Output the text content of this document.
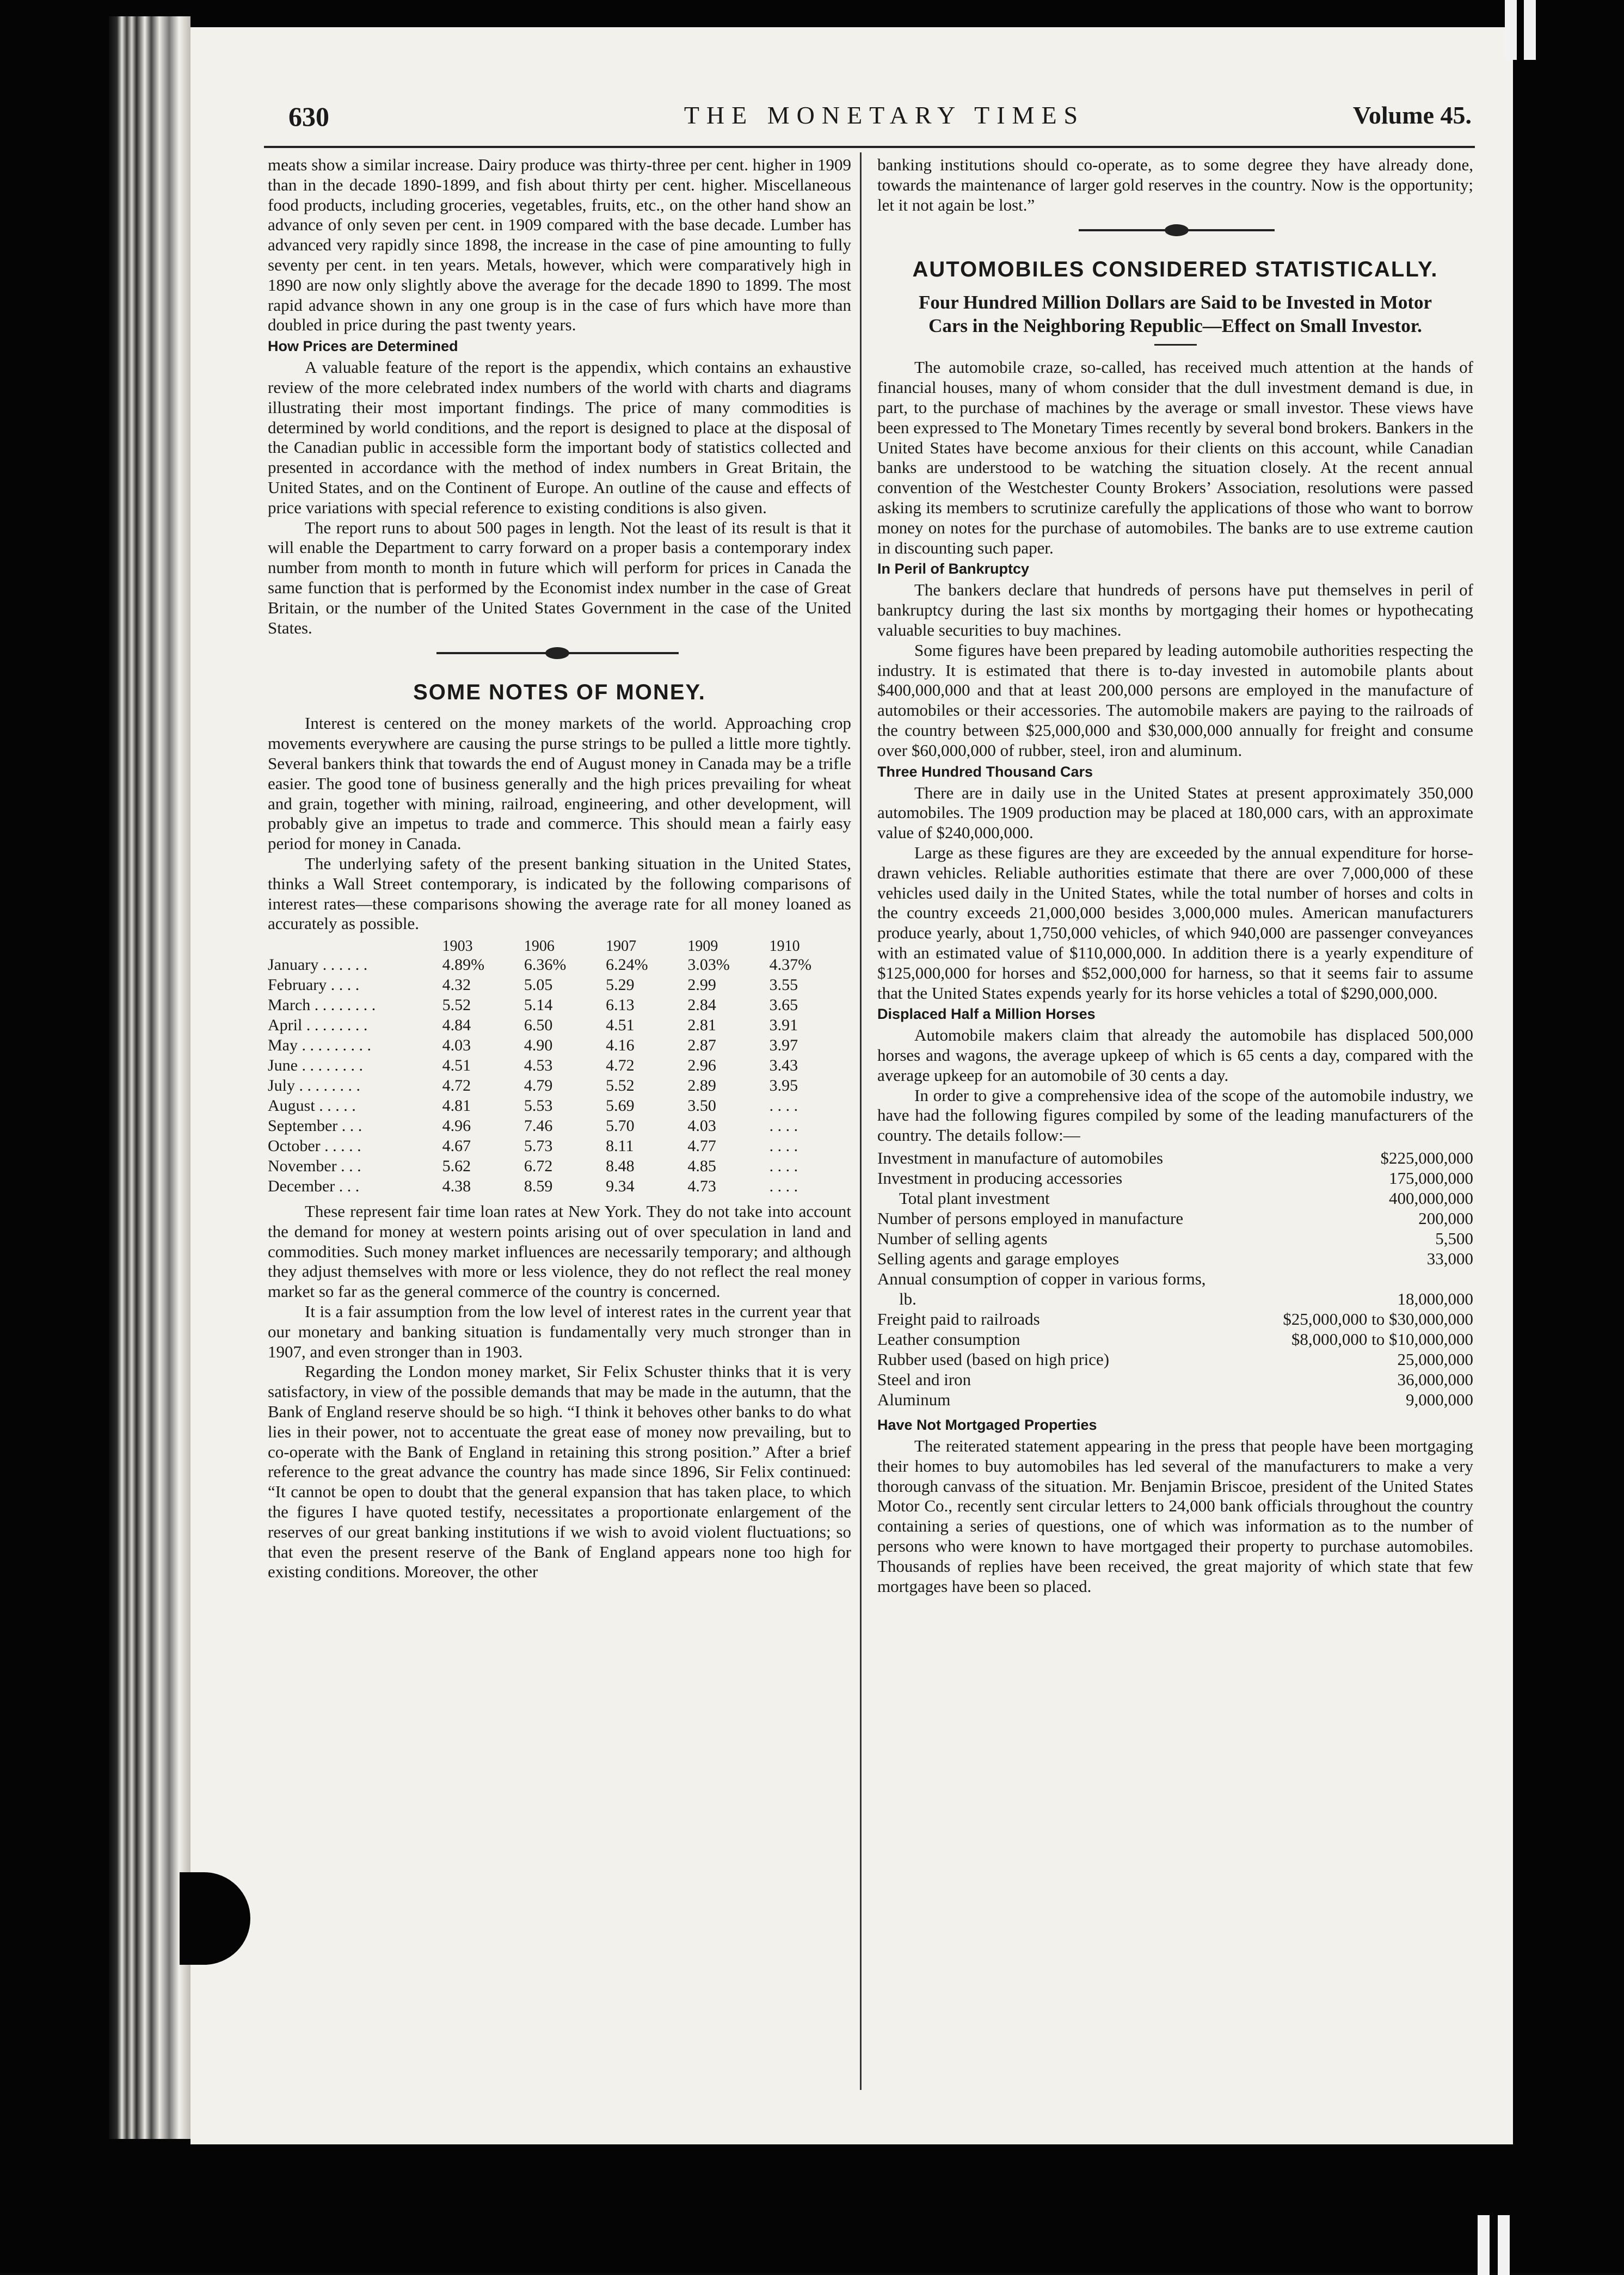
630	THE MONETARY TIMES	Volume 45.

meats show a similar increase. Dairy produce was thirty-three per cent. higher in 1909 than in the decade 1890-1899, and fish about thirty per cent. higher. Miscellaneous food products, including groceries, vegetables, fruits, etc., on the other hand show an advance of only seven per cent. in 1909 compared with the base decade. Lumber has advanced very rapidly since 1898, the increase in the case of pine amounting to fully seventy per cent. in ten years. Metals, however, which were comparatively high in 1890 are now only slightly above the average for the decade 1890 to 1899. The most rapid advance shown in any one group is in the case of furs which have more than doubled in price during the past twenty years.

How Prices are Determined

A valuable feature of the report is the appendix, which contains an exhaustive review of the more celebrated index numbers of the world with charts and diagrams illustrating their most important findings. The price of many commodities is determined by world conditions, and the report is designed to place at the disposal of the Canadian public in accessible form the important body of statistics collected and presented in accordance with the method of index numbers in Great Britain, the United States, and on the Continent of Europe. An outline of the cause and effects of price variations with special reference to existing conditions is also given.

The report runs to about 500 pages in length. Not the least of its result is that it will enable the Department to carry forward on a proper basis a contemporary index number from month to month in future which will perform for prices in Canada the same function that is performed by the Economist index number in the case of Great Britain, or the number of the United States Government in the case of the United States.

SOME NOTES OF MONEY.

Interest is centered on the money markets of the world. Approaching crop movements everywhere are causing the purse strings to be pulled a little more tightly. Several bankers think that towards the end of August money in Canada may be a trifle easier. The good tone of business generally and the high prices prevailing for wheat and grain, together with mining, railroad, engineering, and other development, will probably give an impetus to trade and commerce. This should mean a fairly easy period for money in Canada.

The underlying safety of the present banking situation in the United States, thinks a Wall Street contemporary, is indicated by the following comparisons of interest rates—these comparisons showing the average rate for all money loaned as accurately as possible.

	1903	1906	1907	1909	1910
January . . . . . .	4.89%	6.36%	6.24%	3.03%	4.37%
February . . . .	4.32	5.05	5.29	2.99	3.55
March . . . . . . . .	5.52	5.14	6.13	2.84	3.65
April . . . . . . . .	4.84	6.50	4.51	2.81	3.91
May . . . . . . . . .	4.03	4.90	4.16	2.87	3.97
June . . . . . . . .	4.51	4.53	4.72	2.96	3.43
July . . . . . . . .	4.72	4.79	5.52	2.89	3.95
August . . . . .	4.81	5.53	5.69	3.50	. . . .
September . . .	4.96	7.46	5.70	4.03	. . . .
October . . . . .	4.67	5.73	8.11	4.77	. . . .
November . . .	5.62	6.72	8.48	4.85	. . . .
December . . .	4.38	8.59	9.34	4.73	. . . .

These represent fair time loan rates at New York. They do not take into account the demand for money at western points arising out of over speculation in land and commodities. Such money market influences are necessarily temporary; and although they adjust themselves with more or less violence, they do not reflect the real money market so far as the general commerce of the country is concerned.

It is a fair assumption from the low level of interest rates in the current year that our monetary and banking situation is fundamentally very much stronger than in 1907, and even stronger than in 1903.

Regarding the London money market, Sir Felix Schuster thinks that it is very satisfactory, in view of the possible demands that may be made in the autumn, that the Bank of England reserve should be so high. “I think it behoves other banks to do what lies in their power, not to accentuate the great ease of money now prevailing, but to co-operate with the Bank of England in retaining this strong position.” After a brief reference to the great advance the country has made since 1896, Sir Felix continued: “It cannot be open to doubt that the general expansion that has taken place, to which the figures I have quoted testify, necessitates a proportionate enlargement of the reserves of our great banking institutions if we wish to avoid violent fluctuations; so that even the present reserve of the Bank of England appears none too high for existing conditions. Moreover, the other

banking institutions should co-operate, as to some degree they have already done, towards the maintenance of larger gold reserves in the country. Now is the opportunity; let it not again be lost.”

AUTOMOBILES CONSIDERED STATISTICALLY.
Four Hundred Million Dollars are Said to be Invested in Motor Cars in the Neighboring Republic—Effect on Small Investor.

The automobile craze, so-called, has received much attention at the hands of financial houses, many of whom consider that the dull investment demand is due, in part, to the purchase of machines by the average or small investor. These views have been expressed to The Monetary Times recently by several bond brokers. Bankers in the United States have become anxious for their clients on this account, while Canadian banks are understood to be watching the situation closely. At the recent annual convention of the Westchester County Brokers’ Association, resolutions were passed asking its members to scrutinize carefully the applications of those who want to borrow money on notes for the purchase of automobiles. The banks are to use extreme caution in discounting such paper.

In Peril of Bankruptcy

The bankers declare that hundreds of persons have put themselves in peril of bankruptcy during the last six months by mortgaging their homes or hypothecating valuable securities to buy machines.

Some figures have been prepared by leading automobile authorities respecting the industry. It is estimated that there is to-day invested in automobile plants about $400,000,000 and that at least 200,000 persons are employed in the manufacture of automobiles or their accessories. The automobile makers are paying to the railroads of the country between $25,000,000 and $30,000,000 annually for freight and consume over $60,000,000 of rubber, steel, iron and aluminum.

Three Hundred Thousand Cars

There are in daily use in the United States at present approximately 350,000 automobiles. The 1909 production may be placed at 180,000 cars, with an approximate value of $240,000,000.

Large as these figures are they are exceeded by the annual expenditure for horse-drawn vehicles. Reliable authorities estimate that there are over 7,000,000 of these vehicles used daily in the United States, while the total number of horses and colts in the country exceeds 21,000,000 besides 3,000,000 mules. American manufacturers produce yearly, about 1,750,000 vehicles, of which 940,000 are passenger conveyances with an estimated value of $110,000,000. In addition there is a yearly expenditure of $125,000,000 for horses and $52,000,000 for harness, so that it seems fair to assume that the United States expends yearly for its horse vehicles a total of $290,000,000.

Displaced Half a Million Horses

Automobile makers claim that already the automobile has displaced 500,000 horses and wagons, the average upkeep of which is 65 cents a day, compared with the average upkeep for an automobile of 30 cents a day.

In order to give a comprehensive idea of the scope of the automobile industry, we have had the following figures compiled by some of the leading manufacturers of the country. The details follow:—

Investment in manufacture of automobiles	$225,000,000
Investment in producing accessories	175,000,000
Total plant investment	400,000,000
Number of persons employed in manufacture	200,000
Number of selling agents	5,500
Selling agents and garage employes	33,000
Annual consumption of copper in various forms,	
lb.	18,000,000
Freight paid to railroads	$25,000,000 to $30,000,000
Leather consumption	$8,000,000 to $10,000,000
Rubber used (based on high price)	25,000,000
Steel and iron	36,000,000
Aluminum	9,000,000
Have Not Mortgaged Properties

The reiterated statement appearing in the press that people have been mortgaging their homes to buy automobiles has led several of the manufacturers to make a very thorough canvass of the situation. Mr. Benjamin Briscoe, president of the United States Motor Co., recently sent circular letters to 24,000 bank officials throughout the country containing a series of questions, one of which was information as to the number of persons who were known to have mortgaged their property to purchase automobiles. Thousands of replies have been received, the great majority of which state that few mortgages have been so placed.
